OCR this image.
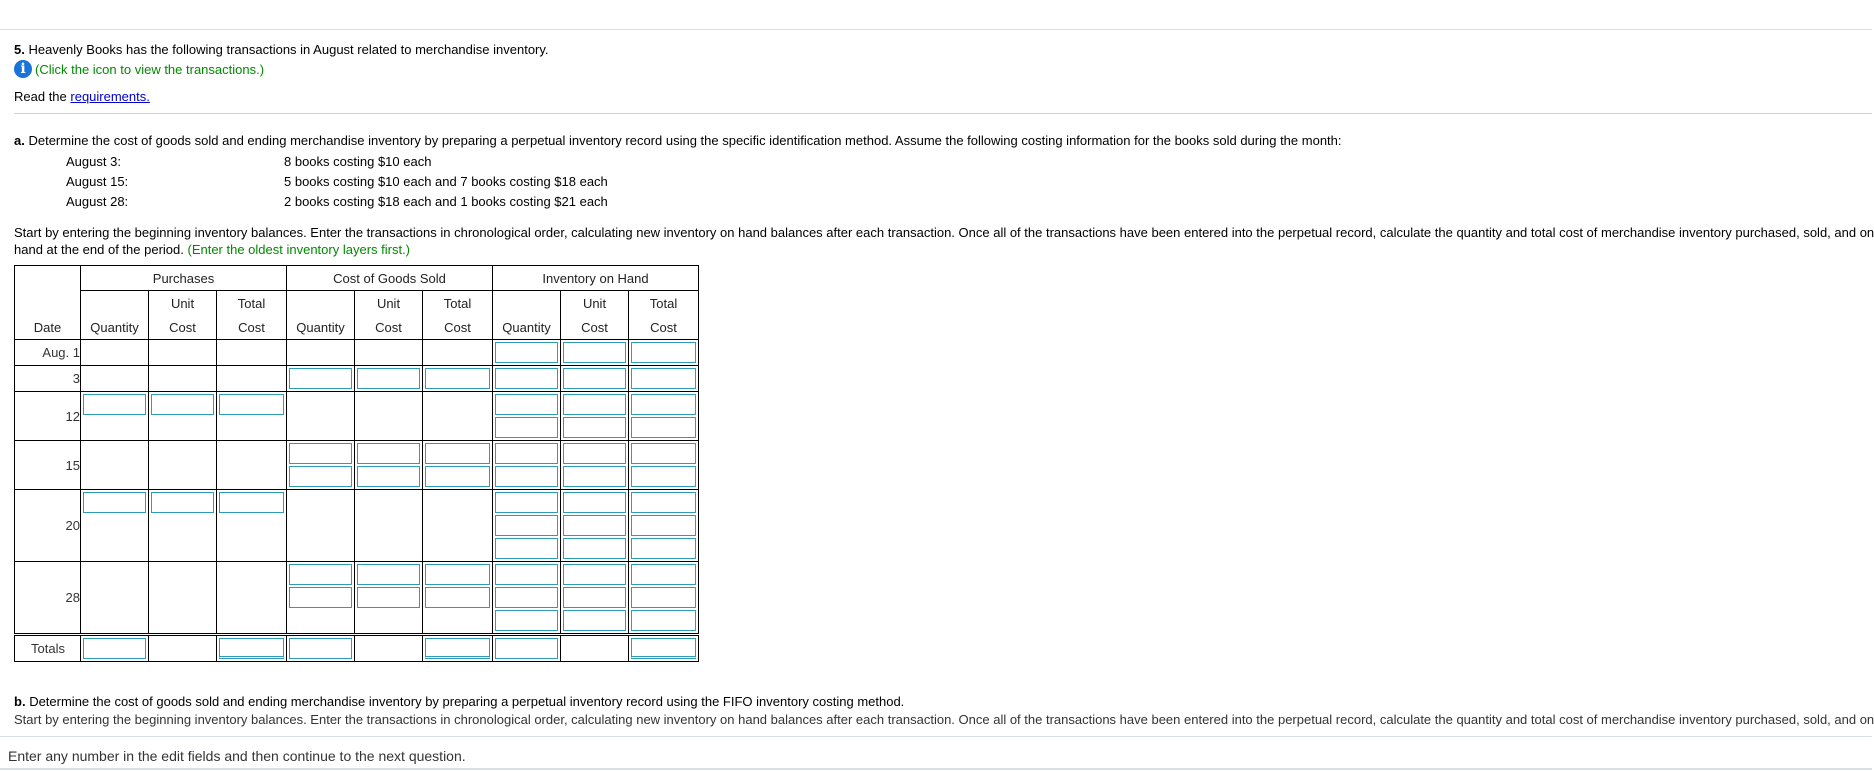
5. Heavenly Books has the following transactions in August related to merchandise inventory.

i (Click the icon to view the transactions.)

Read the requirements.

a. Determine the cost of goods sold and ending merchandise inventory by preparing a perpetual inventory record using the specific identification method. Assume the following costing information for the books sold during the month:

August 3:	8 books costing $10 each
August 15:	5 books costing $10 each and 7 books costing $18 each
August 28:	2 books costing $18 each and 1 books costing $21 each

Start by entering the beginning inventory balances. Enter the transactions in chronological order, calculating new inventory on hand balances after each transaction. Once all of the transactions have been entered into the perpetual record, calculate the quantity and total cost of merchandise inventory purchased, sold, and on

hand at the end of the period. (Enter the oldest inventory layers first.)

	Purchases			Cost of Goods Sold			Inventory on Hand		
		Unit	Total		Unit	Total		Unit	Total
Date	Quantity	Cost	Cost	Quantity	Cost	Cost	Quantity	Cost	Cost
Aug. 1							

3				

12	

15				

20	

28				

Totals	

b. Determine the cost of goods sold and ending merchandise inventory by preparing a perpetual inventory record using the FIFO inventory costing method.
Start by entering the beginning inventory balances. Enter the transactions in chronological order, calculating new inventory on hand balances after each transaction. Once all of the transactions have been entered into the perpetual record, calculate the quantity and total cost of merchandise inventory purchased, sold, and on
Enter any number in the edit fields and then continue to the next question.
